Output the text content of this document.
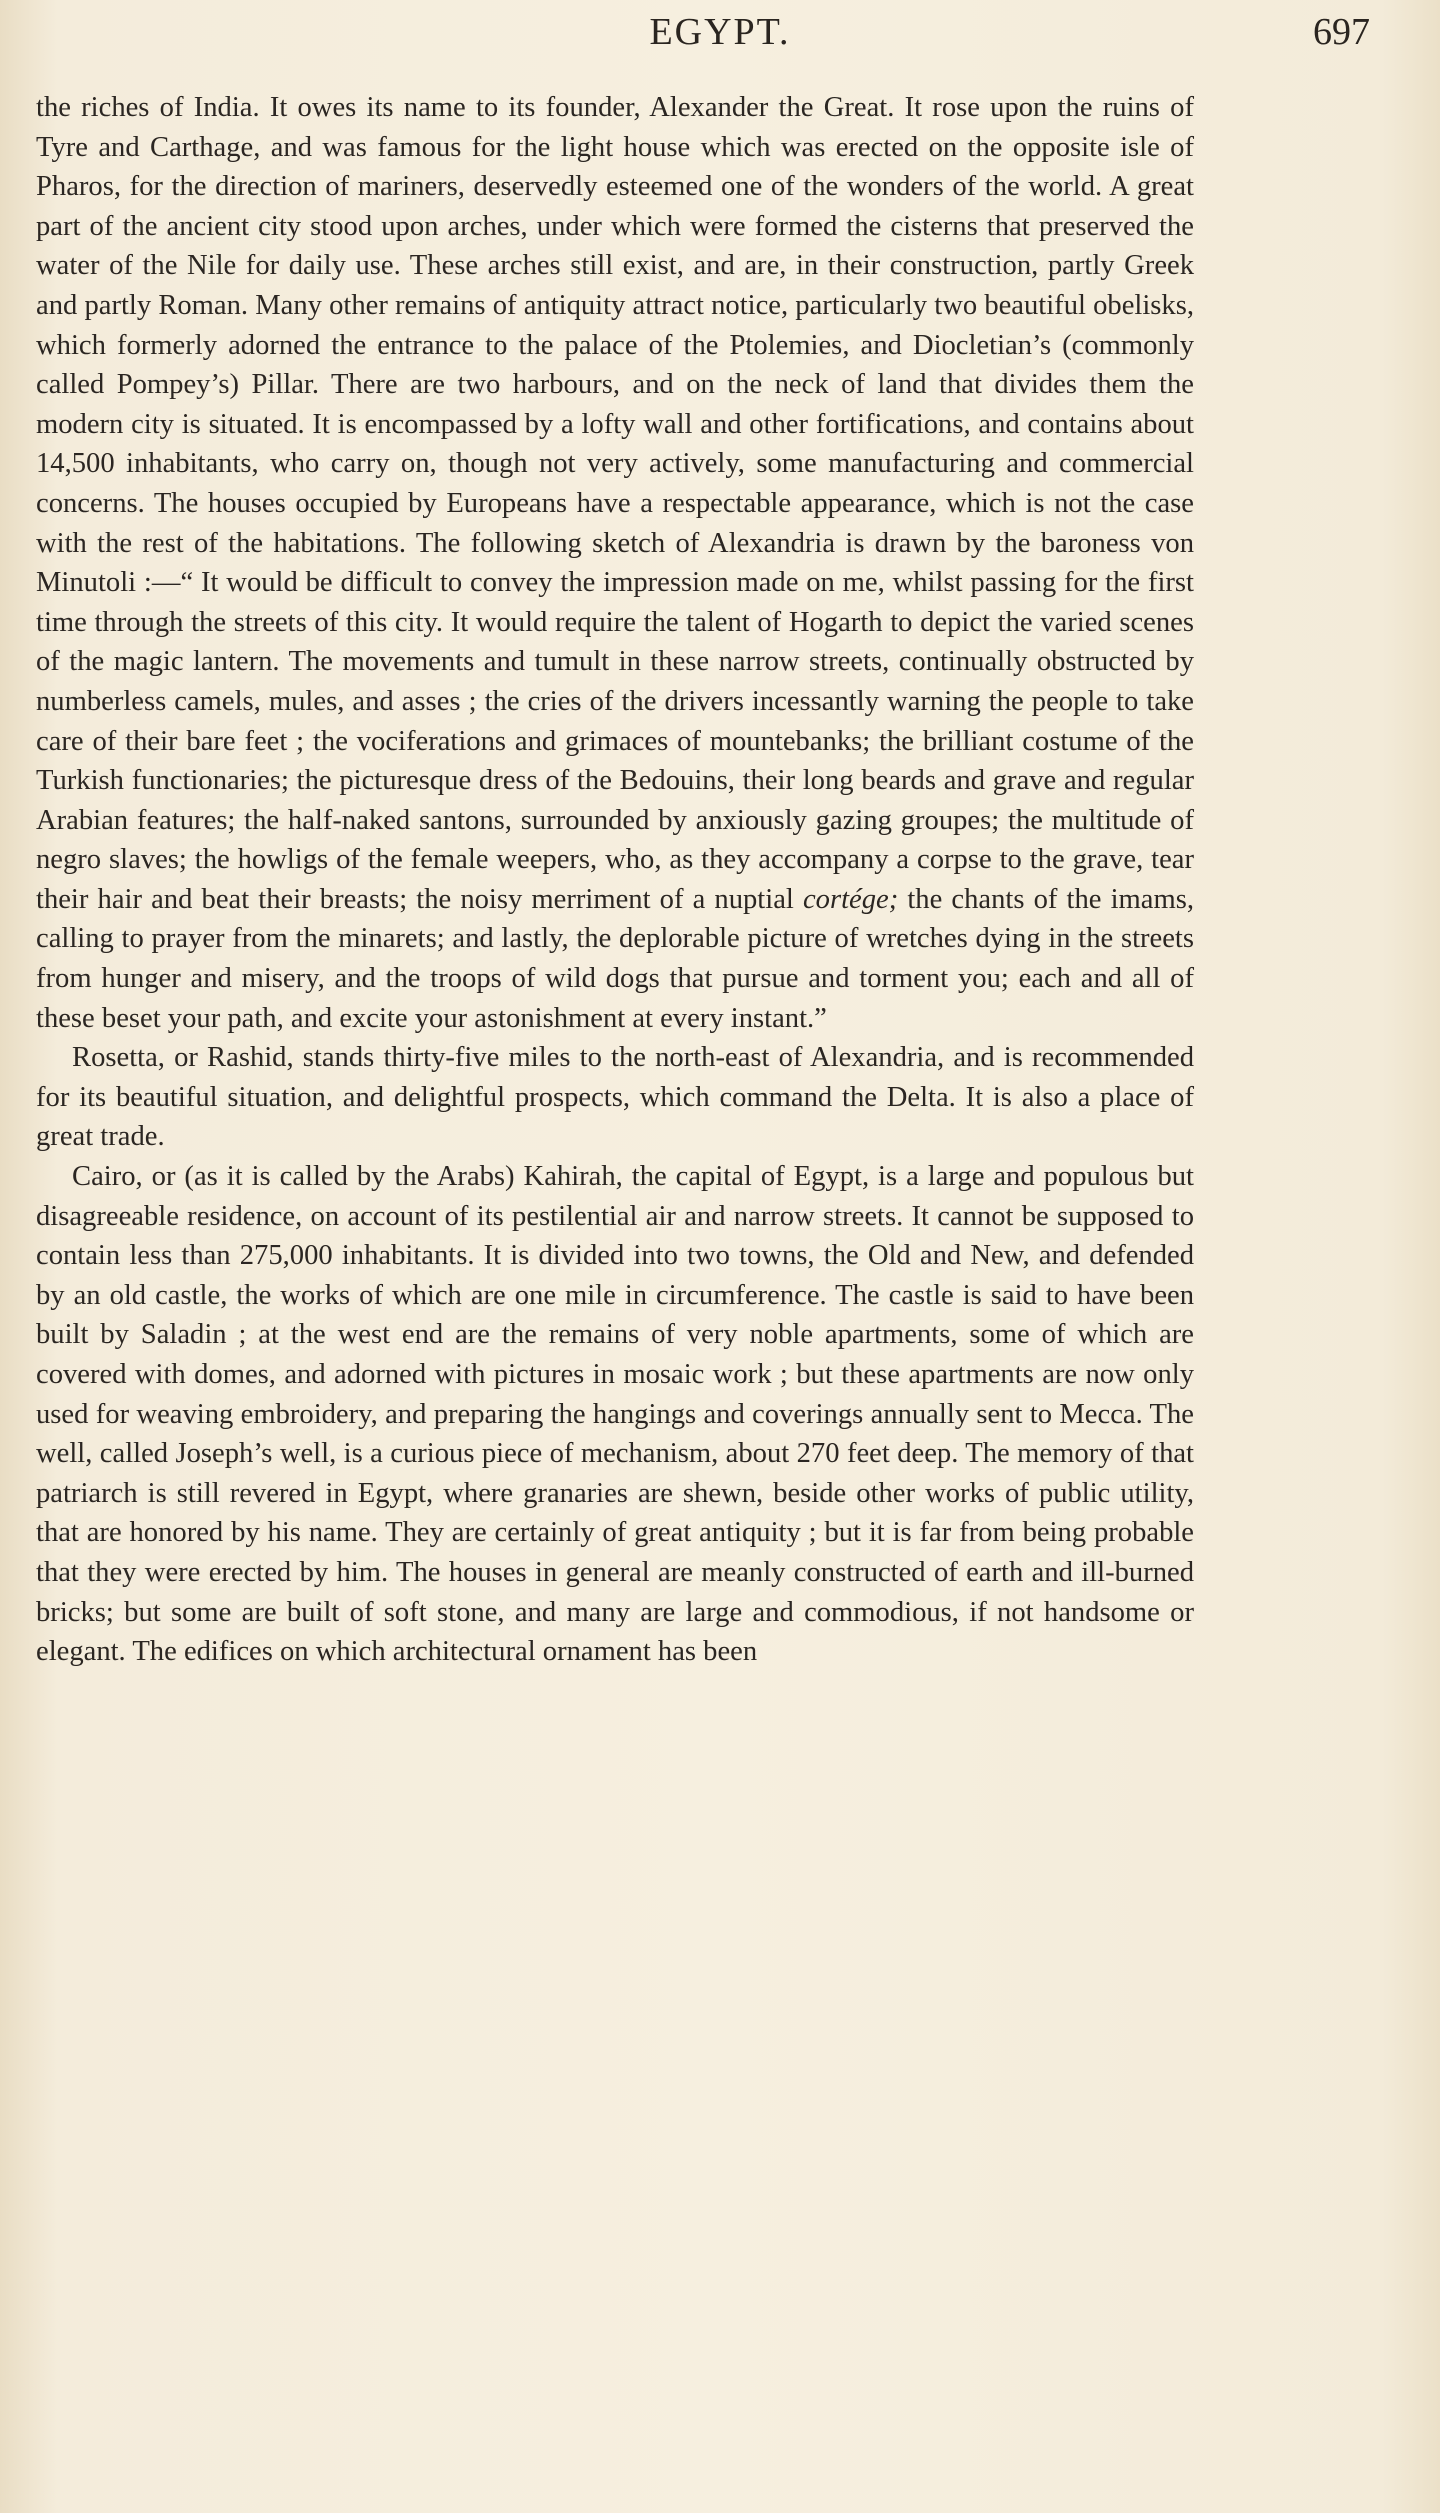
EGYPT.	697

the riches of India. It owes its name to its founder, Alexander the Great. It rose upon the ruins of Tyre and Carthage, and was famous for the light house which was erected on the opposite isle of Pharos, for the direction of mariners, deservedly esteemed one of the wonders of the world. A great part of the ancient city stood upon arches, under which were formed the cisterns that preserved the water of the Nile for daily use. These arches still exist, and are, in their construction, partly Greek and partly Roman. Many other remains of antiquity attract notice, particularly two beautiful obelisks, which formerly adorned the entrance to the palace of the Ptolemies, and Diocletian’s (commonly called Pompey’s) Pillar. There are two harbours, and on the neck of land that divides them the modern city is situated. It is encompassed by a lofty wall and other fortifications, and contains about 14,500 inhabitants, who carry on, though not very actively, some manufacturing and commercial concerns. The houses occupied by Europeans have a respectable appearance, which is not the case with the rest of the habitations. The following sketch of Alexandria is drawn by the baroness von Minutoli :—“ It would be difficult to convey the impression made on me, whilst passing for the first time through the streets of this city. It would require the talent of Hogarth to depict the varied scenes of the magic lantern. The movements and tumult in these narrow streets, continually obstructed by numberless camels, mules, and asses ; the cries of the drivers incessantly warning the people to take care of their bare feet ; the vociferations and grimaces of mountebanks; the brilliant costume of the Turkish functionaries; the picturesque dress of the Bedouins, their long beards and grave and regular Arabian features; the half-naked santons, surrounded by anxiously gazing groupes; the multitude of negro slaves; the howligs of the female weepers, who, as they accompany a corpse to the grave, tear their hair and beat their breasts; the noisy merriment of a nuptial cortége; the chants of the imams, calling to prayer from the minarets; and lastly, the deplorable picture of wretches dying in the streets from hunger and misery, and the troops of wild dogs that pursue and torment you; each and all of these beset your path, and excite your astonishment at every instant.”

Rosetta, or Rashid, stands thirty-five miles to the north-east of Alexandria, and is recommended for its beautiful situation, and delightful prospects, which command the Delta. It is also a place of great trade.

Cairo, or (as it is called by the Arabs) Kahirah, the capital of Egypt, is a large and populous but disagreeable residence, on account of its pestilential air and narrow streets. It cannot be supposed to contain less than 275,000 inhabitants. It is divided into two towns, the Old and New, and defended by an old castle, the works of which are one mile in circumference. The castle is said to have been built by Saladin ; at the west end are the remains of very noble apartments, some of which are covered with domes, and adorned with pictures in mosaic work ; but these apartments are now only used for weaving embroidery, and preparing the hangings and coverings annually sent to Mecca. The well, called Joseph’s well, is a curious piece of mechanism, about 270 feet deep. The memory of that patriarch is still revered in Egypt, where granaries are shewn, beside other works of public utility, that are honored by his name. They are certainly of great antiquity ; but it is far from being probable that they were erected by him. The houses in general are meanly constructed of earth and ill-burned bricks; but some are built of soft stone, and many are large and commodious, if not handsome or elegant. The edifices on which architectural ornament has been
